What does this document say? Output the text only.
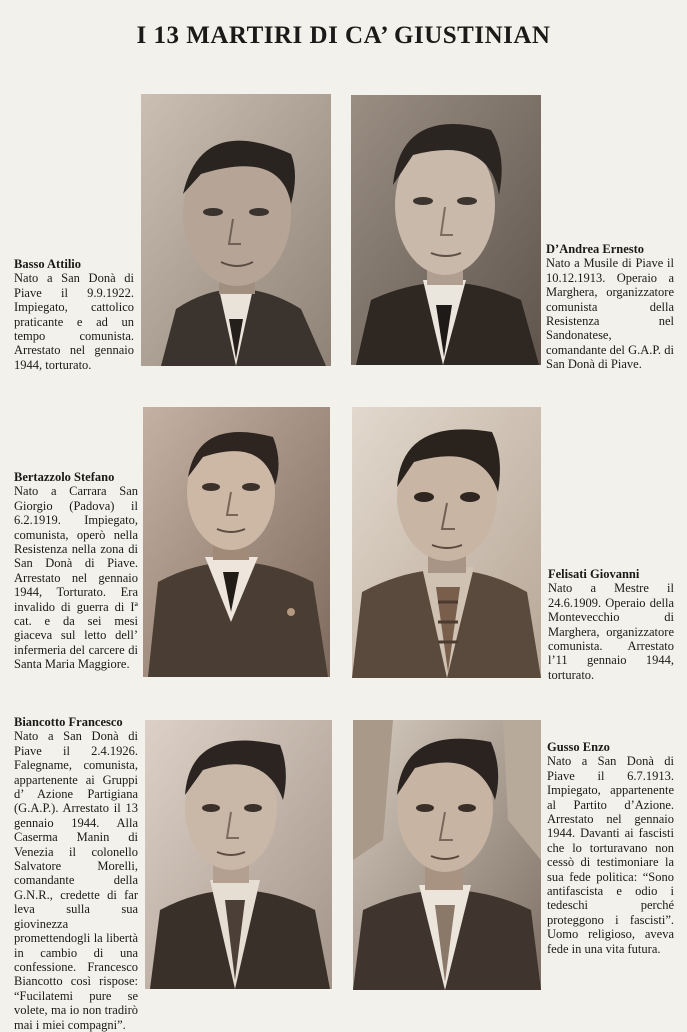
I 13 MARTIRI DI CA’ GIUSTINIAN
Basso Attilio
Nato a San Donà di Piave il 9.9.1922. Impiegato, cattolico praticante e ad un tempo comunista. Arrestato nel gennaio 1944, torturato.
D’Andrea Ernesto
Nato a Musile di Piave il 10.12.1913. Operaio a Marghera, organizzatore comunista della Resistenza nel Sandonatese, comandante del G.A.P. di San Donà di Piave.
Bertazzolo Stefano
Nato a Carrara San Giorgio (Padova) il 6.2.1919. Impiegato, comunista, operò nella Resistenza nella zona di San Donà di Piave. Arrestato nel gennaio 1944, Torturato. Era invalido di guerra di Iª cat. e da sei mesi giaceva sul letto dell’ infermeria del carcere di Santa Maria Maggiore.
Felisati Giovanni
Nato a Mestre il 24.6.1909. Operaio della Montevecchio di Marghera, organizzatore comunista. Arrestato l’11 gennaio 1944, torturato.
Biancotto Francesco
Nato a San Donà di Piave il 2.4.1926. Falegname, comunista, appartenente ai Gruppi d’ Azione Partigiana (G.A.P.). Arrestato il 13 gennaio 1944. Alla Caserma Manin di Venezia il colonello Salvatore Morelli, comandante della G.N.R., credette di far leva sulla sua giovinezza promettendogli la libertà in cambio di una confessione. Francesco Biancotto così rispose: “Fucilatemi pure se volete, ma io non tradirò mai i miei compagni”.
Gusso Enzo
Nato a San Donà di Piave il 6.7.1913. Impiegato, appartenente al Partito d’Azione. Arrestato nel gennaio 1944. Davanti ai fascisti che lo torturavano non cessò di testimoniare la sua fede politica: “Sono antifascista e odio i tedeschi perché proteggono i fascisti”. Uomo religioso, aveva fede in una vita futura.
